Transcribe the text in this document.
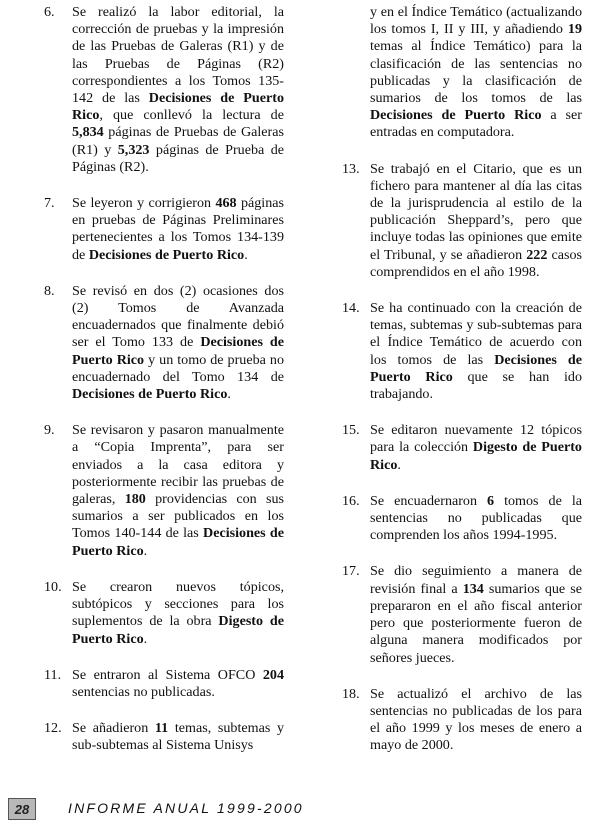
6.	Se realizó la labor editorial, la corrección de pruebas y la impresión de las Pruebas de Galeras (R1) y de las Pruebas de Páginas (R2) correspondientes a los Tomos 135-142 de las Decisiones de Puerto Rico, que conllevó la lectura de 5,834 páginas de Pruebas de Galeras (R1) y 5,323 páginas de Prueba de Páginas (R2).
7.	Se leyeron y corrigieron 468 páginas en pruebas de Páginas Preliminares pertenecientes a los Tomos 134-139 de Decisiones de Puerto Rico.
8.	Se revisó en dos (2) ocasiones dos (2) Tomos de Avanzada encuadernados que finalmente debió ser el Tomo 133 de Decisiones de Puerto Rico y un tomo de prueba no encuadernado del Tomo 134 de Decisiones de Puerto Rico.
9.	Se revisaron y pasaron manualmente a “Copia Imprenta”, para ser enviados a la casa editora y posteriormente recibir las pruebas de galeras, 180 providencias con sus sumarios a ser publicados en los Tomos 140-144 de las Decisiones de Puerto Rico.
10. Se crearon nuevos tópicos, subtópicos y secciones para los suplementos de la obra Digesto de Puerto Rico.
11. Se entraron al Sistema OFCO 204 sentencias no publicadas.
12. Se añadieron 11 temas, subtemas y sub-subtemas al Sistema Unisys
y en el Índice Temático (actualizando los tomos I, II y III, y añadiendo 19 temas al Índice Temático) para la clasificación de las sentencias no publicadas y la clasificación de sumarios de los tomos de las Decisiones de Puerto Rico a ser entradas en computadora.
13. Se trabajó en el Citario, que es un fichero para mantener al día las citas de la jurisprudencia al estilo de la publicación Sheppard’s, pero que incluye todas las opiniones que emite el Tribunal, y se añadieron 222 casos comprendidos en el año 1998.
14. Se ha continuado con la creación de temas, subtemas y sub-subtemas para el Índice Temático de acuerdo con los tomos de las Decisiones de Puerto Rico que se han ido trabajando.
15. Se editaron nuevamente 12 tópicos para la colección Digesto de Puerto Rico.
16. Se encuadernaron 6 tomos de la sentencias no publicadas que comprenden los años 1994-1995.
17. Se dio seguimiento a manera de revisión final a 134 sumarios que se prepararon en el año fiscal anterior pero que posteriormente fueron de alguna manera modificados por señores jueces.
18. Se actualizó el archivo de las sentencias no publicadas de los para el año 1999 y los meses de enero a mayo de 2000.
28	INFORME ANUAL 1999-2000
